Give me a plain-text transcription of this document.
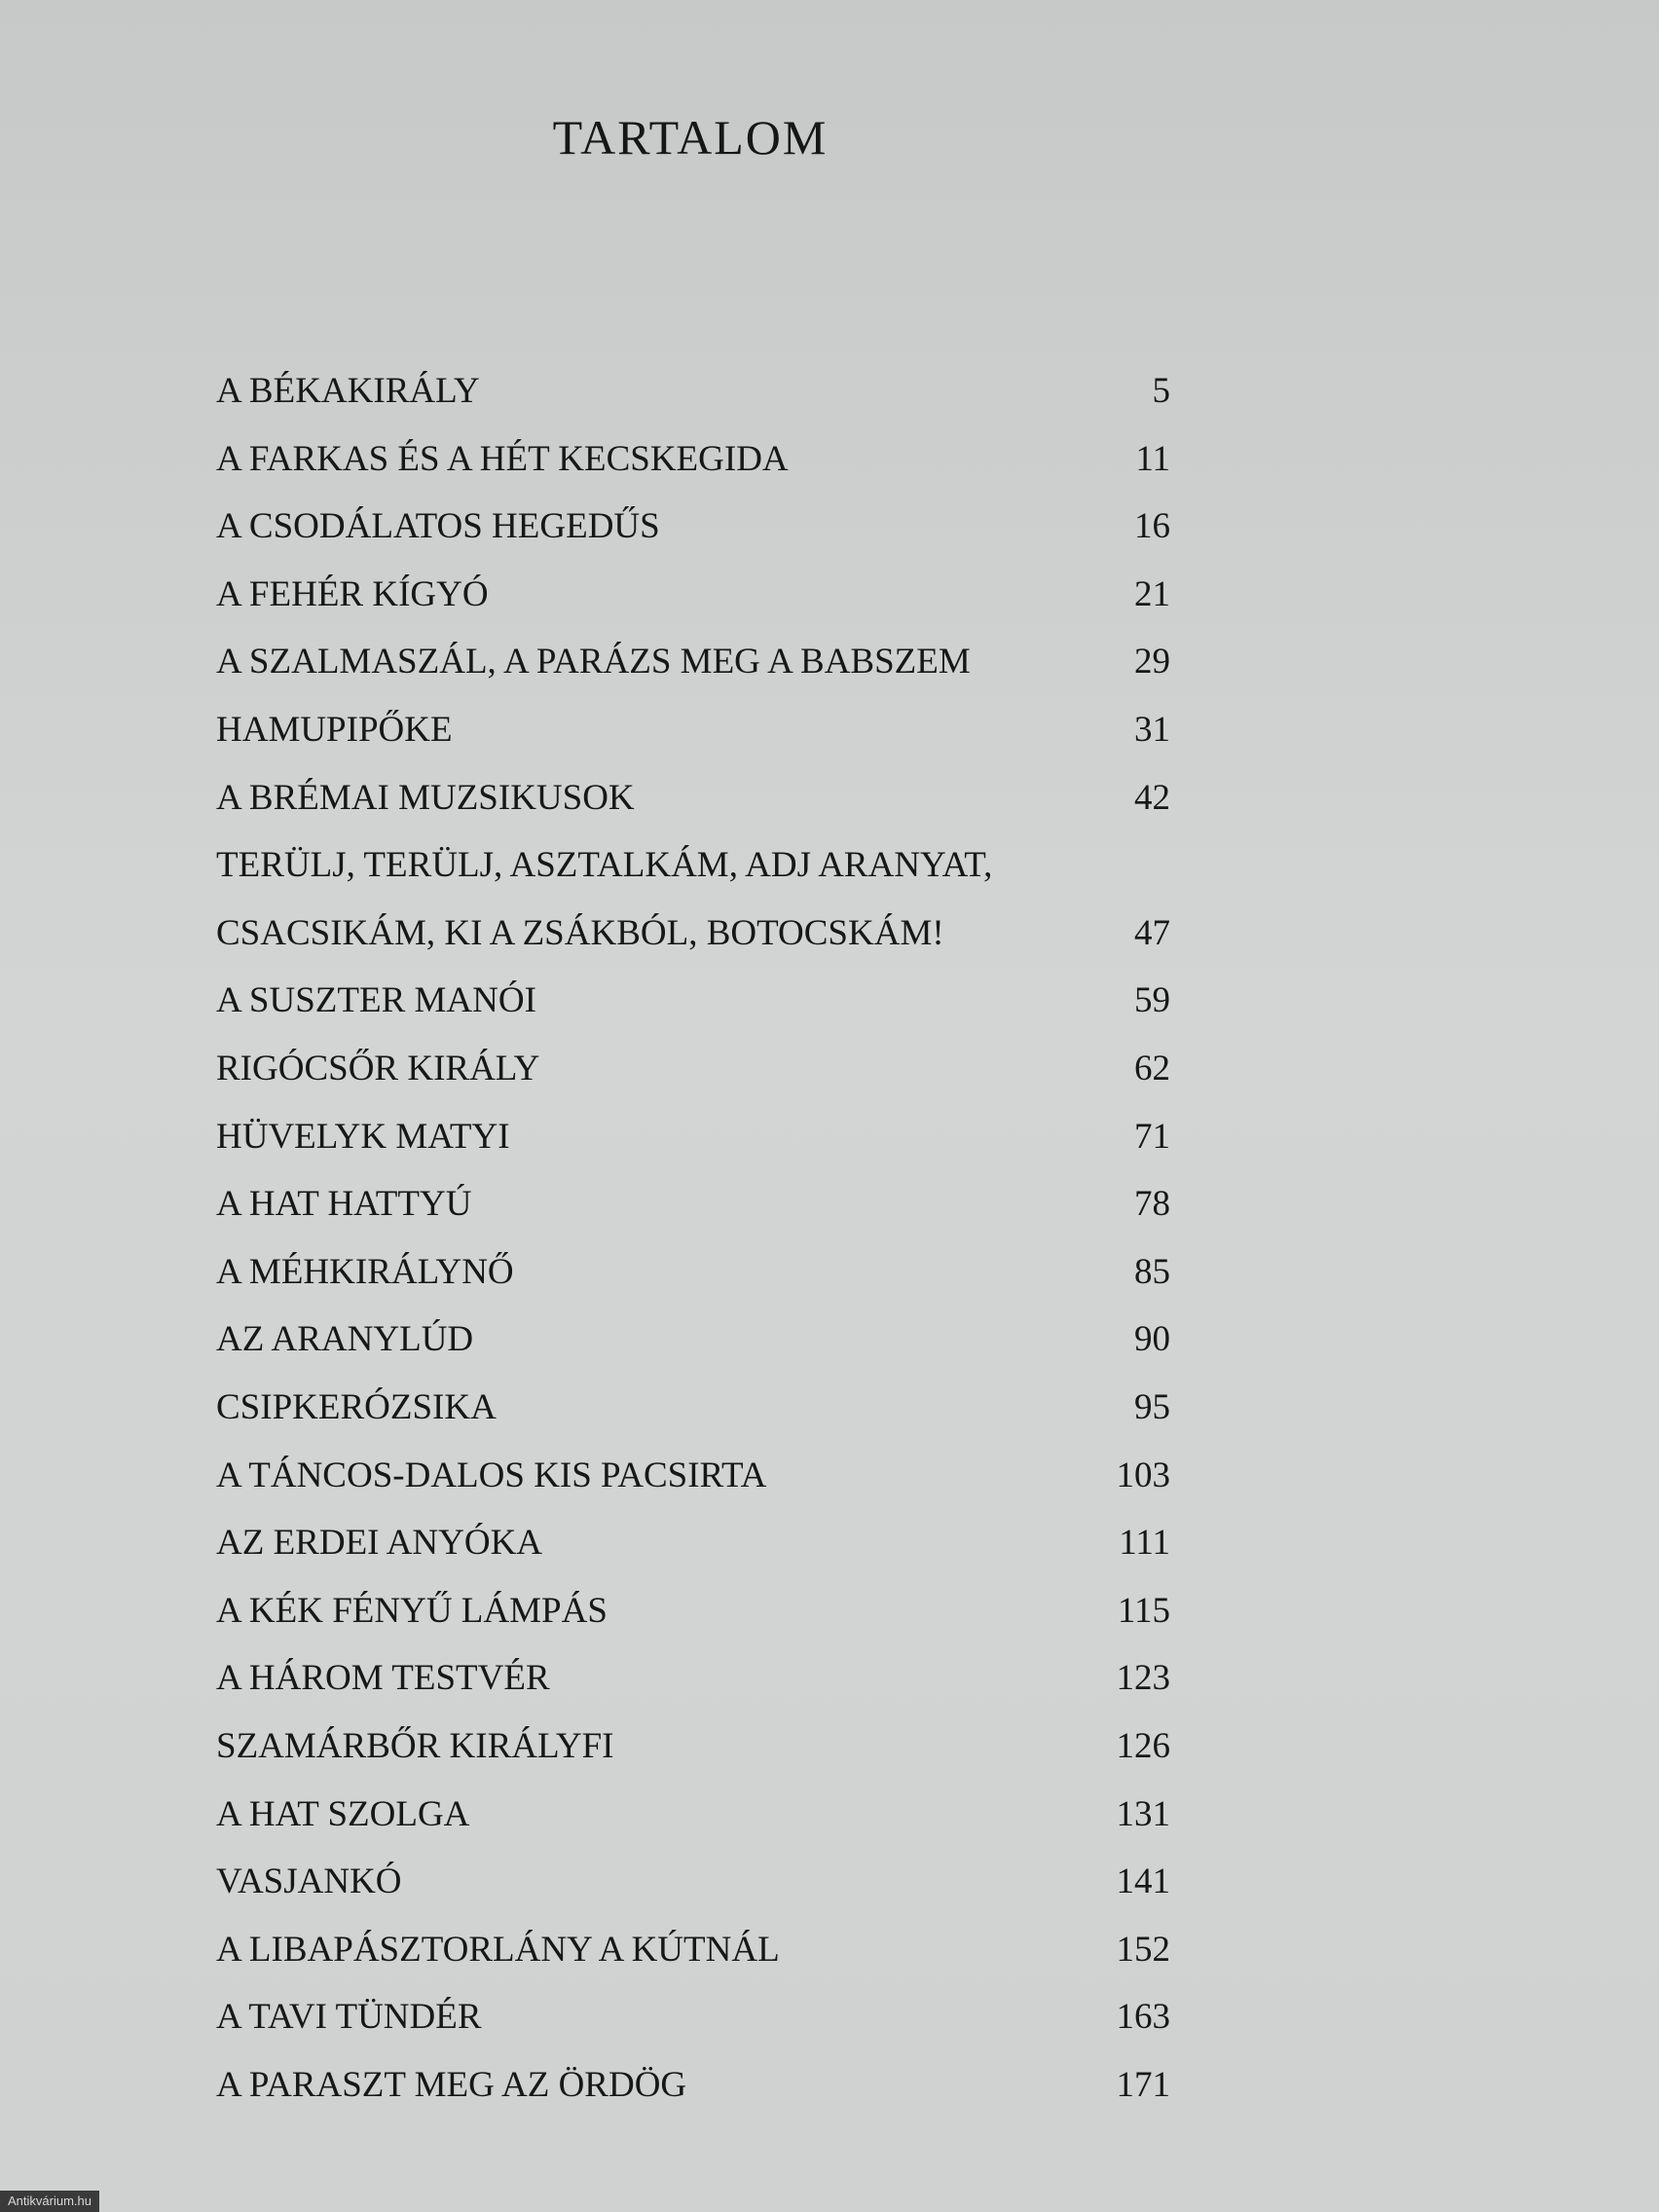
TARTALOM
A BÉKAKIRÁLY	5
A FARKAS ÉS A HÉT KECSKEGIDA	11
A CSODÁLATOS HEGEDŰS	16
A FEHÉR KÍGYÓ	21
A SZALMASZÁL, A PARÁZS MEG A BABSZEM	29
HAMUPIPŐKE	31
A BRÉMAI MUZSIKUSOK	42
TERÜLJ, TERÜLJ, ASZTALKÁM, ADJ ARANYAT,
CSACSIKÁM, KI A ZSÁKBÓL, BOTOCSKÁM!	47
A SUSZTER MANÓI	59
RIGÓCSŐR KIRÁLY	62
HÜVELYK MATYI	71
A HAT HATTYÚ	78
A MÉHKIRÁLYNŐ	85
AZ ARANYLÚD	90
CSIPKERÓZSIKA	95
A TÁNCOS-DALOS KIS PACSIRTA	103
AZ ERDEI ANYÓKA	111
A KÉK FÉNYŰ LÁMPÁS	115
A HÁROM TESTVÉR	123
SZAMÁRBŐR KIRÁLYFI	126
A HAT SZOLGA	131
VASJANKÓ	141
A LIBAPÁSZTORLÁNY A KÚTNÁL	152
A TAVI TÜNDÉR	163
A PARASZT MEG AZ ÖRDÖG	171
Antikvárium.hu
